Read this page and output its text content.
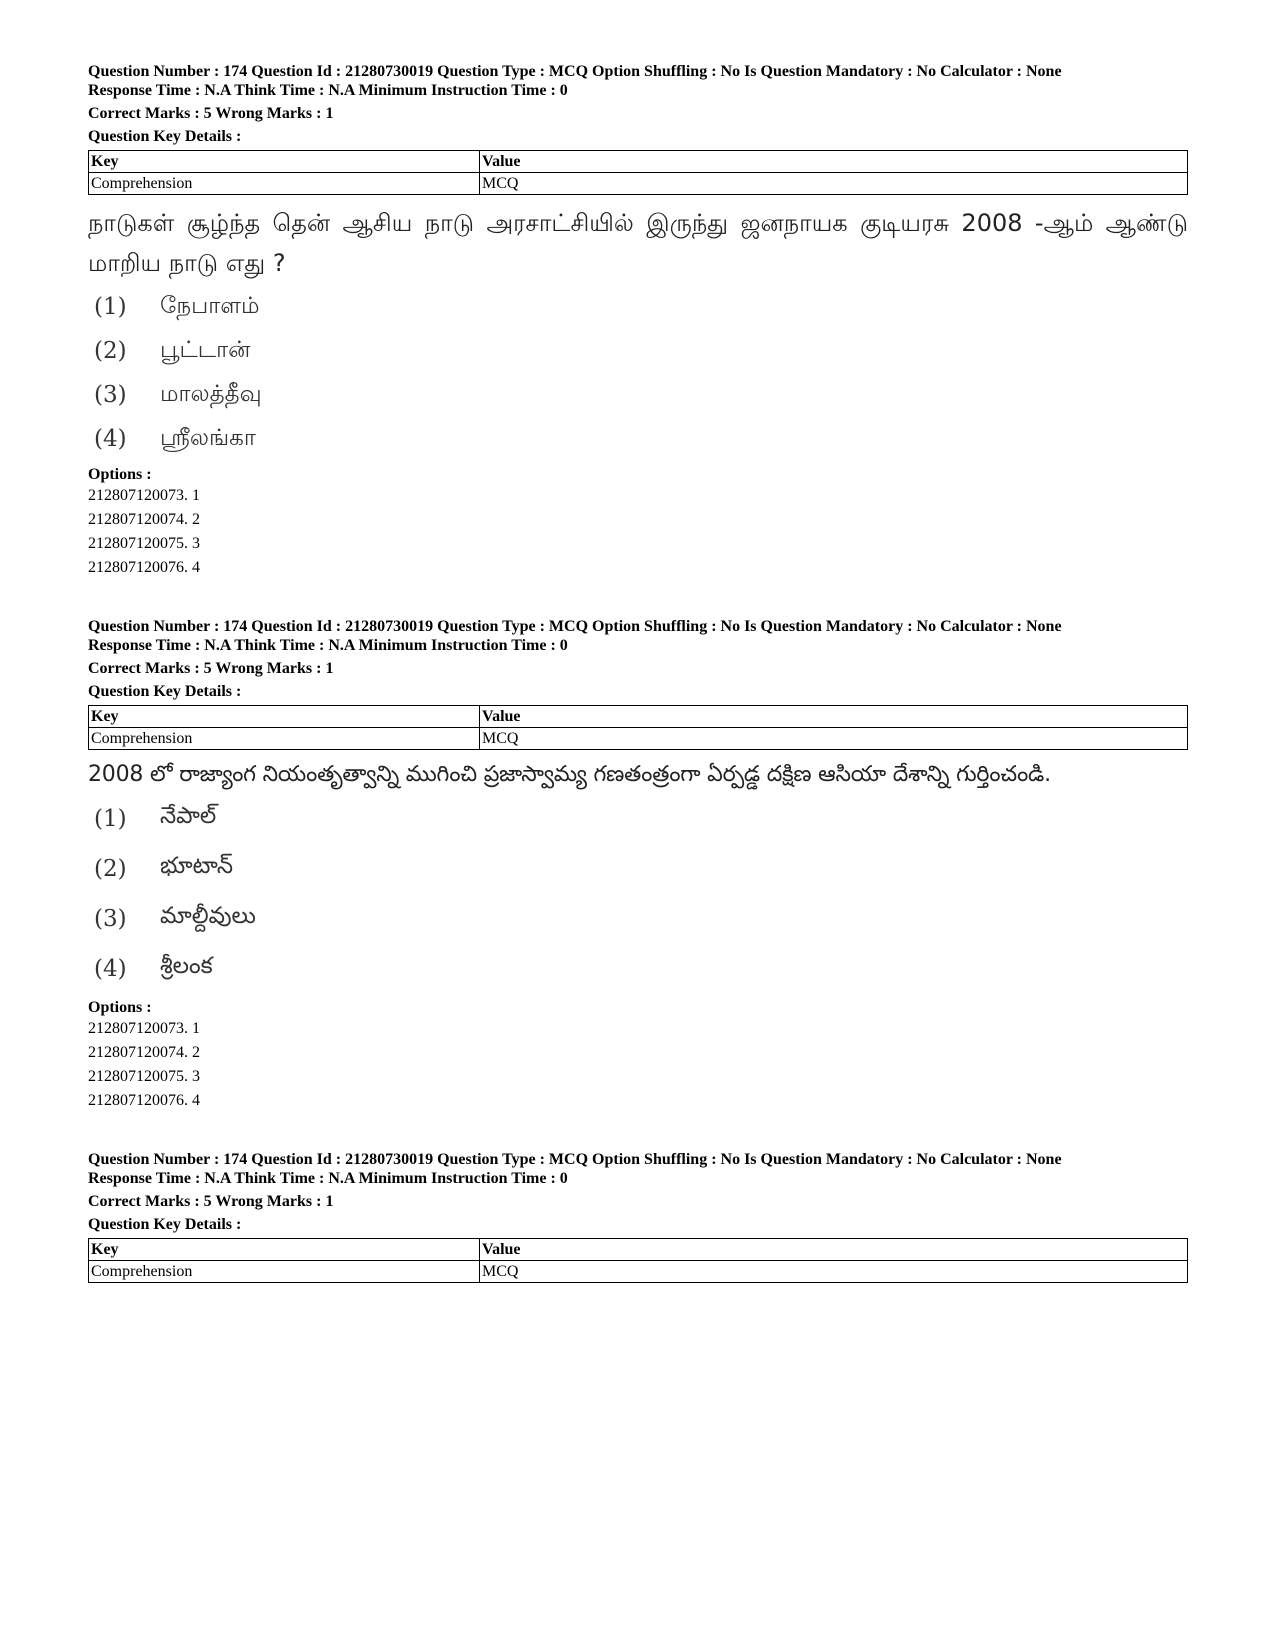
Question Number : 174 Question Id : 21280730019 Question Type : MCQ Option Shuffling : No Is Question Mandatory : No Calculator : None
Response Time : N.A Think Time : N.A Minimum Instruction Time : 0
Correct Marks : 5 Wrong Marks : 1
Question Key Details :
Key	Value
Comprehension	MCQ
நாடுகள் சூழ்ந்த தென் ஆசிய நாடு அரசாட்சியில் இருந்து ஜனநாயக குடியரசு 2008 -ஆம் ஆண்டு மாறிய நாடு எது ?
(1)	நேபாளம்
(2)	பூட்டான்
(3)	மாலத்தீவு
(4)	ஸ்ரீலங்கா
Options :
212807120073. 1
212807120074. 2
212807120075. 3
212807120076. 4
Question Number : 174 Question Id : 21280730019 Question Type : MCQ Option Shuffling : No Is Question Mandatory : No Calculator : None
Response Time : N.A Think Time : N.A Minimum Instruction Time : 0
Correct Marks : 5 Wrong Marks : 1
Question Key Details :
Key	Value
Comprehension	MCQ
2008 లో రాజ్యాంగ నియంతృత్వాన్ని ముగించి ప్రజాస్వామ్య గణతంత్రంగా ఏర్పడ్డ దక్షిణ ఆసియా దేశాన్ని గుర్తించండి.
(1)	నేపాల్
(2)	భూటాన్
(3)	మాల్దీవులు
(4)	శ్రీలంక
Options :
212807120073. 1
212807120074. 2
212807120075. 3
212807120076. 4
Question Number : 174 Question Id : 21280730019 Question Type : MCQ Option Shuffling : No Is Question Mandatory : No Calculator : None
Response Time : N.A Think Time : N.A Minimum Instruction Time : 0
Correct Marks : 5 Wrong Marks : 1
Question Key Details :
Key	Value
Comprehension	MCQ
